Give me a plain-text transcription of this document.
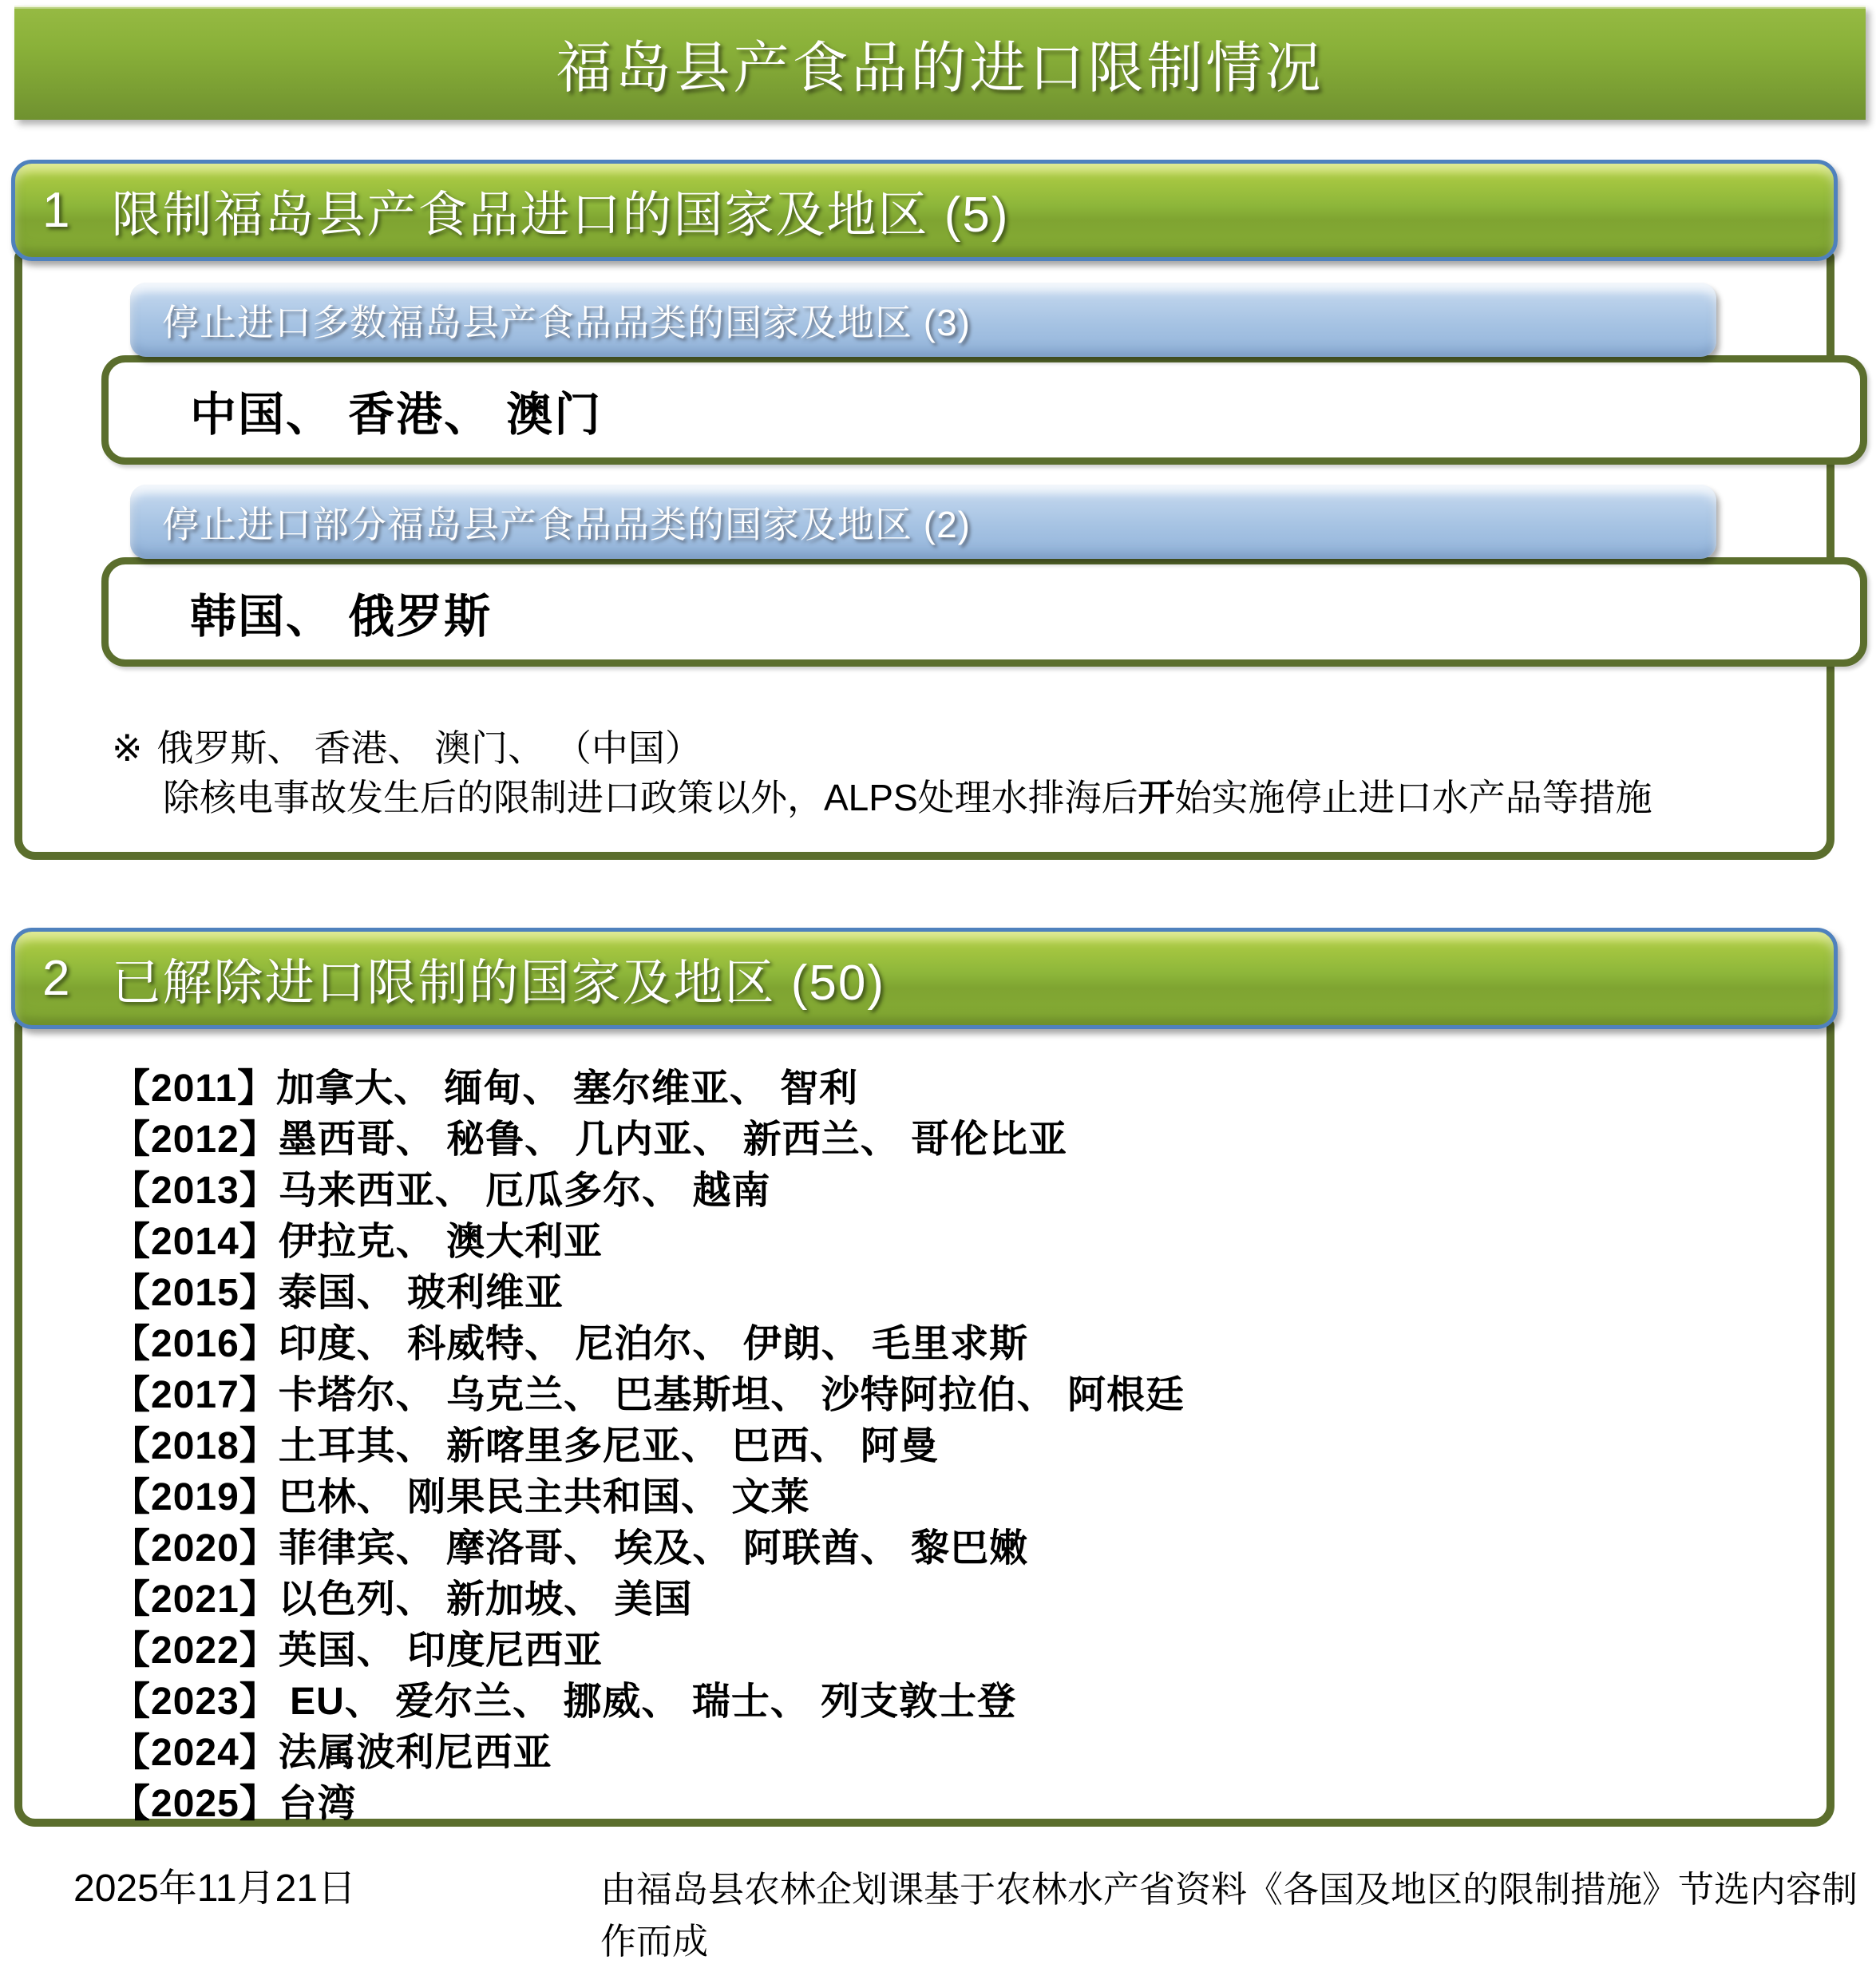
福岛县产食品的进口限制情况
1 限制福岛县产食品进口的国家及地区 (5)
停止进口多数福岛县产食品品类的国家及地区 (3)
中国、 香港、 澳门
停止进口部分福岛县产食品品类的国家及地区 (2)
韩国、 俄罗斯
※ 俄罗斯、 香港、 澳门、 （中国）
除核电事故发生后的限制进口政策以外，ALPS处理水排海后开始实施停止进口水产品等措施
2 已解除进口限制的国家及地区 (50)
【2011】加拿大、 缅甸、 塞尔维亚、 智利
【2012】墨西哥、 秘鲁、 几内亚、 新西兰、 哥伦比亚
【2013】马来西亚、 厄瓜多尔、 越南
【2014】伊拉克、 澳大利亚
【2015】泰国、 玻利维亚
【2016】印度、 科威特、 尼泊尔、 伊朗、 毛里求斯
【2017】卡塔尔、 乌克兰、 巴基斯坦、 沙特阿拉伯、 阿根廷
【2018】土耳其、 新喀里多尼亚、 巴西、 阿曼
【2019】巴林、 刚果民主共和国、 文莱
【2020】菲律宾、 摩洛哥、 埃及、 阿联酋、 黎巴嫩
【2021】以色列、 新加坡、 美国
【2022】英国、 印度尼西亚
【2023】 EU、 爱尔兰、 挪威、 瑞士、 列支敦士登
【2024】法属波利尼西亚
【2025】台湾
2025年11月21日	由福岛县农林企划课基于农林水产省资料《各国及地区的限制措施》节选内容制作而成
